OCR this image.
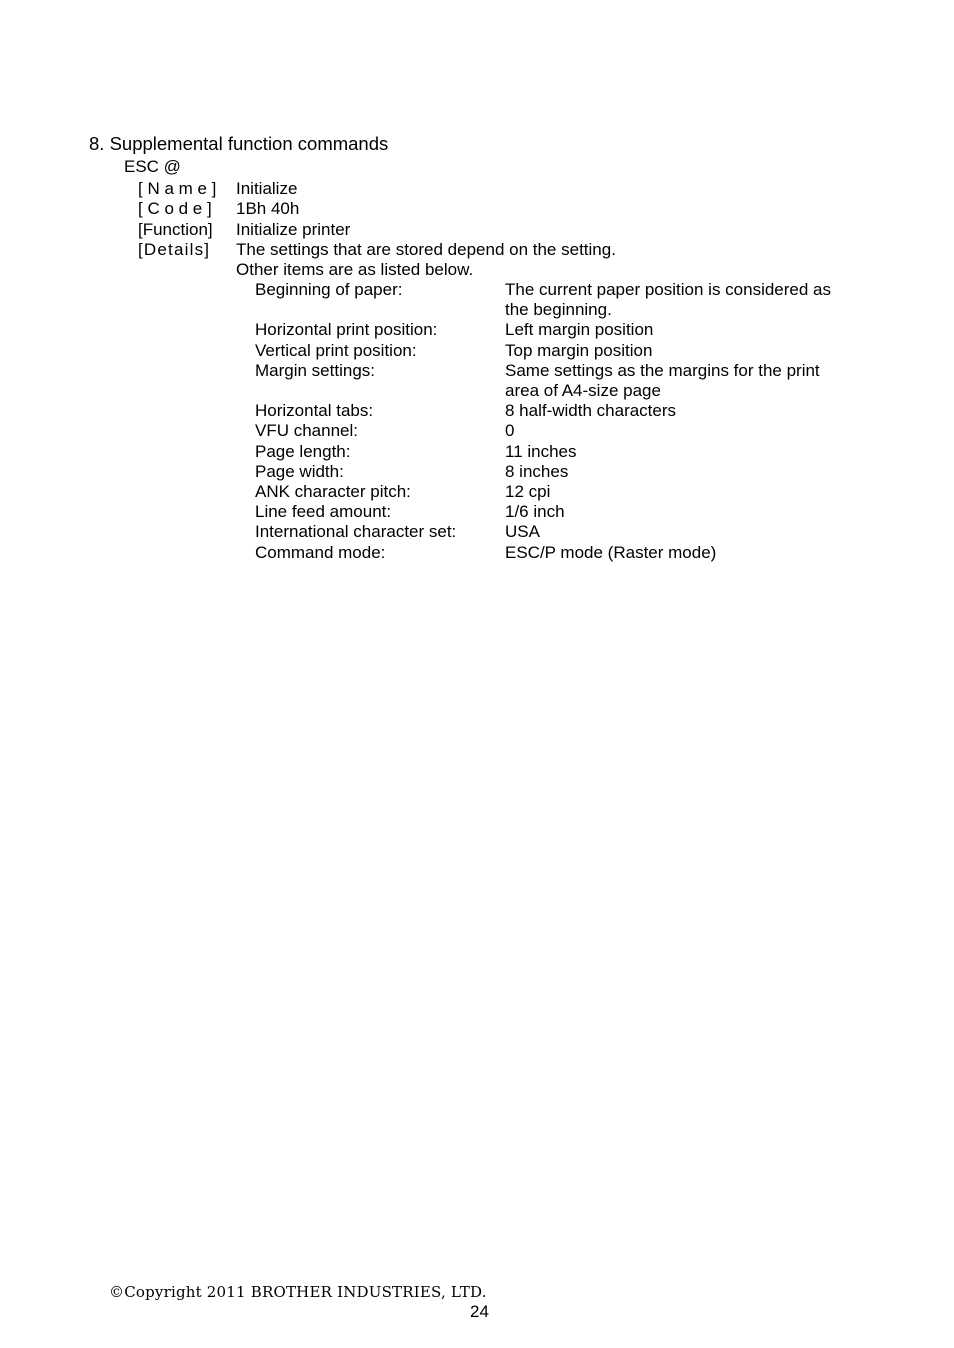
8. Supplemental function commands
ESC @
[ N a m e ] Initialize
[ C o d e ] 1Bh 40h
[Function] Initialize printer
[Details] The settings that are stored depend on the setting.
Other items are as listed below.
Beginning of paper:	The current paper position is considered as the beginning.
Horizontal print position:	Left margin position
Vertical print position:	Top margin position
Margin settings:	Same settings as the margins for the print area of A4-size page
Horizontal tabs:	8 half-width characters
VFU channel:	0
Page length:	11 inches
Page width:	8 inches
ANK character pitch:	12 cpi
Line feed amount:	1/6 inch
International character set:	USA
Command mode:	ESC/P mode (Raster mode)
©Copyright 2011 BROTHER INDUSTRIES, LTD.
24
